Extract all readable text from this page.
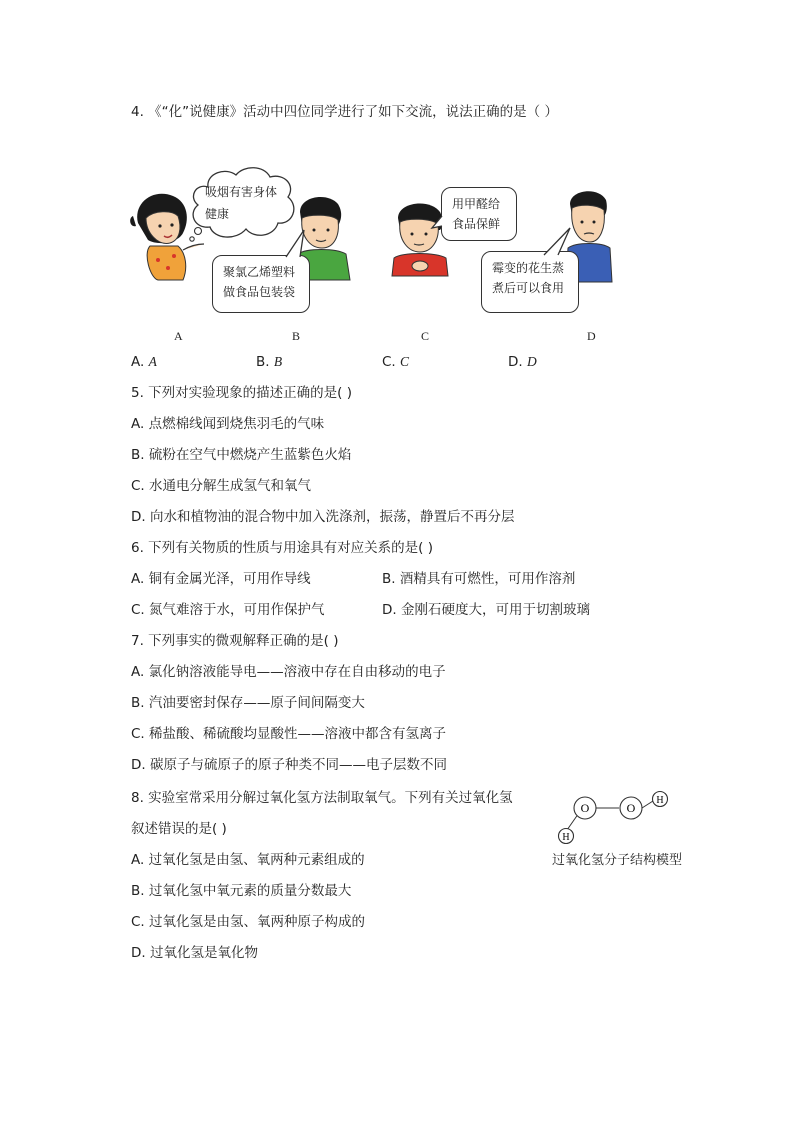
4. 《“化”说健康》活动中四位同学进行了如下交流，说法正确的是（ ）
吸烟有害身体健康
聚氯乙烯塑料做食品包装袋
用甲醛给食品保鲜
霉变的花生蒸煮后可以食用
A	B	C	D
A. A	B. B	C. C	D. D
5. 下列对实验现象的描述正确的是( )
A. 点燃棉线闻到烧焦羽毛的气味
B. 硫粉在空气中燃烧产生蓝紫色火焰
C. 水通电分解生成氢气和氧气
D. 向水和植物油的混合物中加入洗涤剂，振荡，静置后不再分层
6. 下列有关物质的性质与用途具有对应关系的是( )
A. 铜有金属光泽，可用作导线	B. 酒精具有可燃性，可用作溶剂
C. 氮气难溶于水，可用作保护气	D. 金刚石硬度大，可用于切割玻璃
7. 下列事实的微观解释正确的是( )
A. 氯化钠溶液能导电——溶液中存在自由移动的电子
B. 汽油要密封保存——原子间间隔变大
C. 稀盐酸、稀硫酸均显酸性——溶液中都含有氢离子
D. 碳原子与硫原子的原子种类不同——电子层数不同
8. 实验室常采用分解过氧化氢方法制取氧气。下列有关过氧化氢
叙述错误的是( )
A. 过氧化氢是由氢、氧两种元素组成的
B. 过氧化氢中氧元素的质量分数最大
C. 过氧化氢是由氢、氧两种原子构成的
D. 过氧化氢是氧化物
O	O
H
H
过氧化氢分子结构模型
